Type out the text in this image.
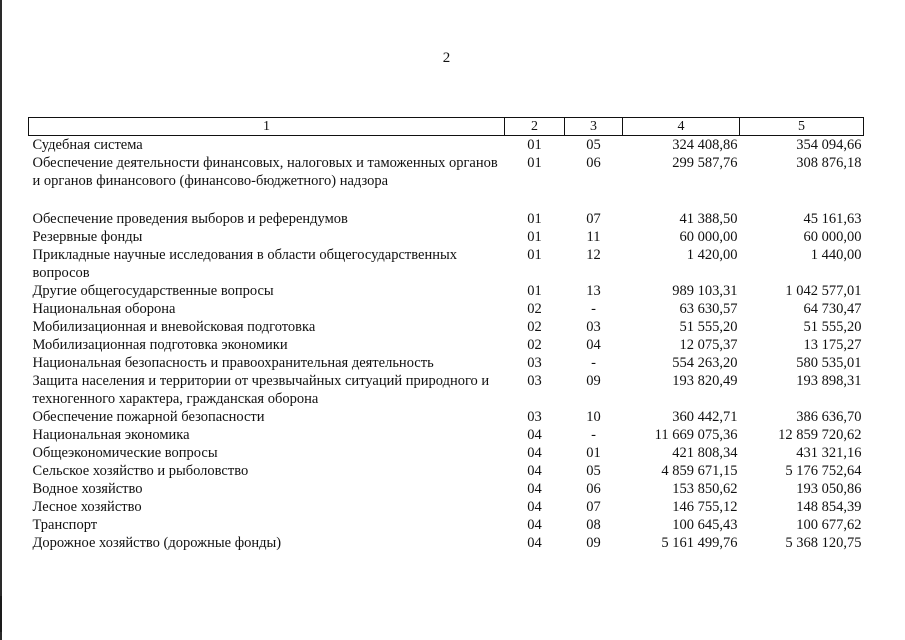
2
1	2	3	4	5
Судебная система	01	05	324 408,86	354 094,66
Обеспечение деятельности финансовых, налоговых и таможенных органов и органов финансового (финансово-бюджетного) надзора	01	06	299 587,76	308 876,18
Обеспечение проведения выборов и референдумов	01	07	41 388,50	45 161,63
Резервные фонды	01	11	60 000,00	60 000,00
Прикладные научные исследования в области общегосударственных вопросов	01	12	1 420,00	1 440,00
Другие общегосударственные вопросы	01	13	989 103,31	1 042 577,01
Национальная оборона	02	-	63 630,57	64 730,47
Мобилизационная и вневойсковая подготовка	02	03	51 555,20	51 555,20
Мобилизационная подготовка экономики	02	04	12 075,37	13 175,27
Национальная безопасность и правоохранительная деятельность	03	-	554 263,20	580 535,01
Защита населения и территории от чрезвычайных ситуаций природного и техногенного характера, гражданская оборона	03	09	193 820,49	193 898,31
Обеспечение пожарной безопасности	03	10	360 442,71	386 636,70
Национальная экономика	04	-	11 669 075,36	12 859 720,62
Общеэкономические вопросы	04	01	421 808,34	431 321,16
Сельское хозяйство и рыболовство	04	05	4 859 671,15	5 176 752,64
Водное хозяйство	04	06	153 850,62	193 050,86
Лесное хозяйство	04	07	146 755,12	148 854,39
Транспорт	04	08	100 645,43	100 677,62
Дорожное хозяйство (дорожные фонды)	04	09	5 161 499,76	5 368 120,75
